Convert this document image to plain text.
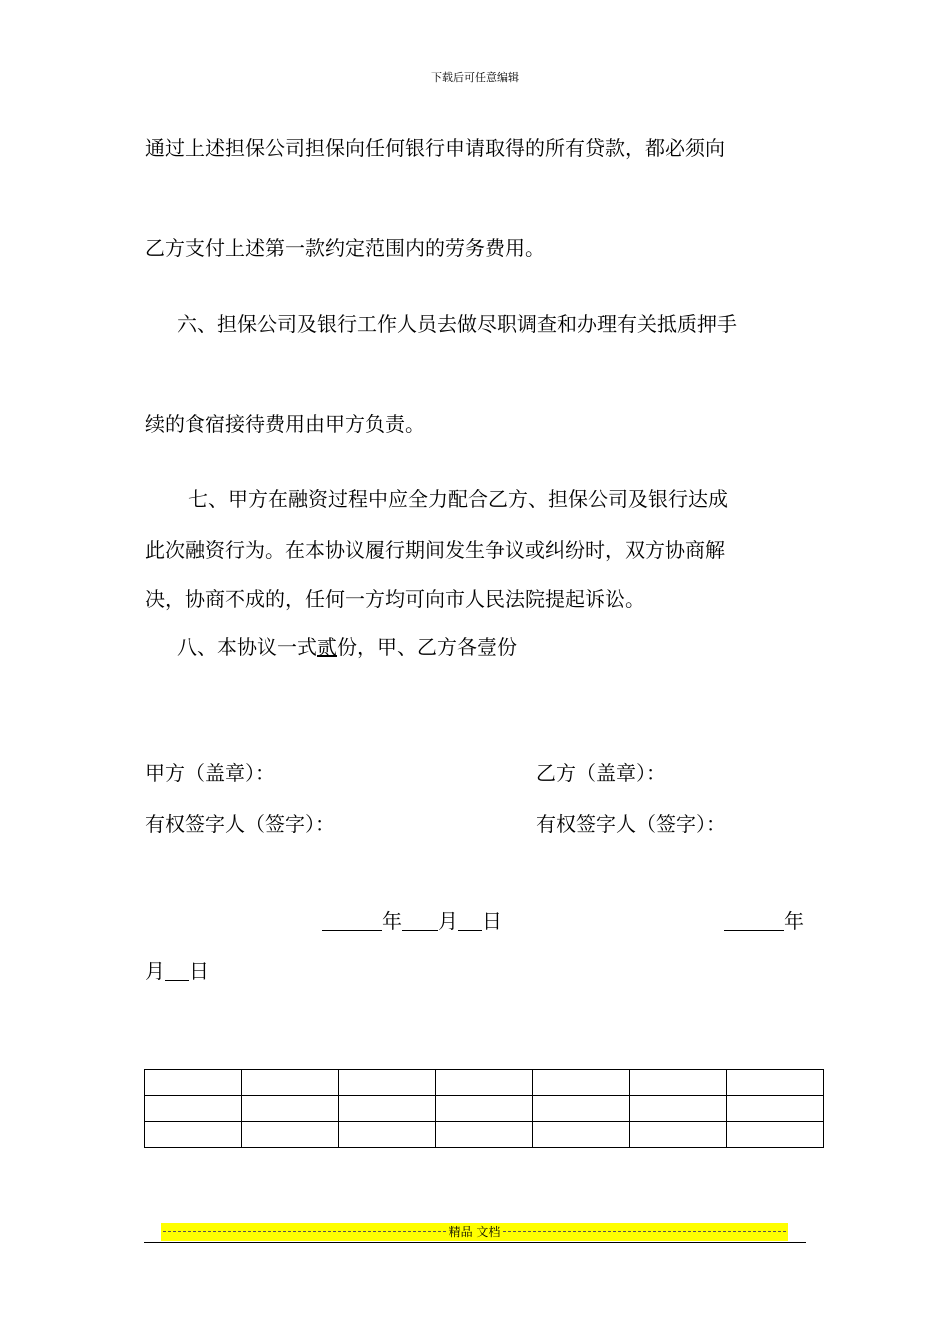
下载后可任意编辑
通过上述担保公司担保向任何银行申请取得的所有贷款，都必须向
乙方支付上述第一款约定范围内的劳务费用。
六、担保公司及银行工作人员去做尽职调查和办理有关抵质押手
续的食宿接待费用由甲方负责。
七、甲方在融资过程中应全力配合乙方、担保公司及银行达成
此次融资行为。在本协议履行期间发生争议或纠纷时，双方协商解
决，协商不成的，任何一方均可向市人民法院提起诉讼。
八、本协议一式贰份，甲、乙方各壹份
甲方（盖章）：	乙方（盖章）：
有权签字人（签字）：	有权签字人（签字）：
年 月 日	年
月 日

精品 文档
